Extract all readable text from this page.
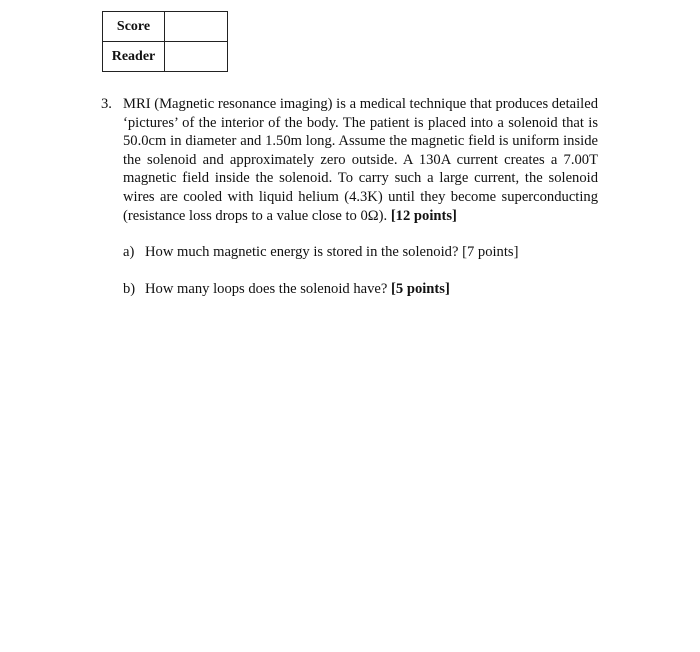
Score	
Reader	
3. MRI (Magnetic resonance imaging) is a medical technique that produces detailed ‘pictures’ of the interior of the body. The patient is placed into a solenoid that is 50.0cm in diameter and 1.50m long. Assume the magnetic field is uniform inside the solenoid and approximately zero outside. A 130A current creates a 7.00T magnetic field inside the solenoid. To carry such a large current, the solenoid wires are cooled with liquid helium (4.3K) until they become superconducting (resistance loss drops to a value close to 0Ω). [12 points]
a) How much magnetic energy is stored in the solenoid? [7 points]
b) How many loops does the solenoid have? [5 points]
